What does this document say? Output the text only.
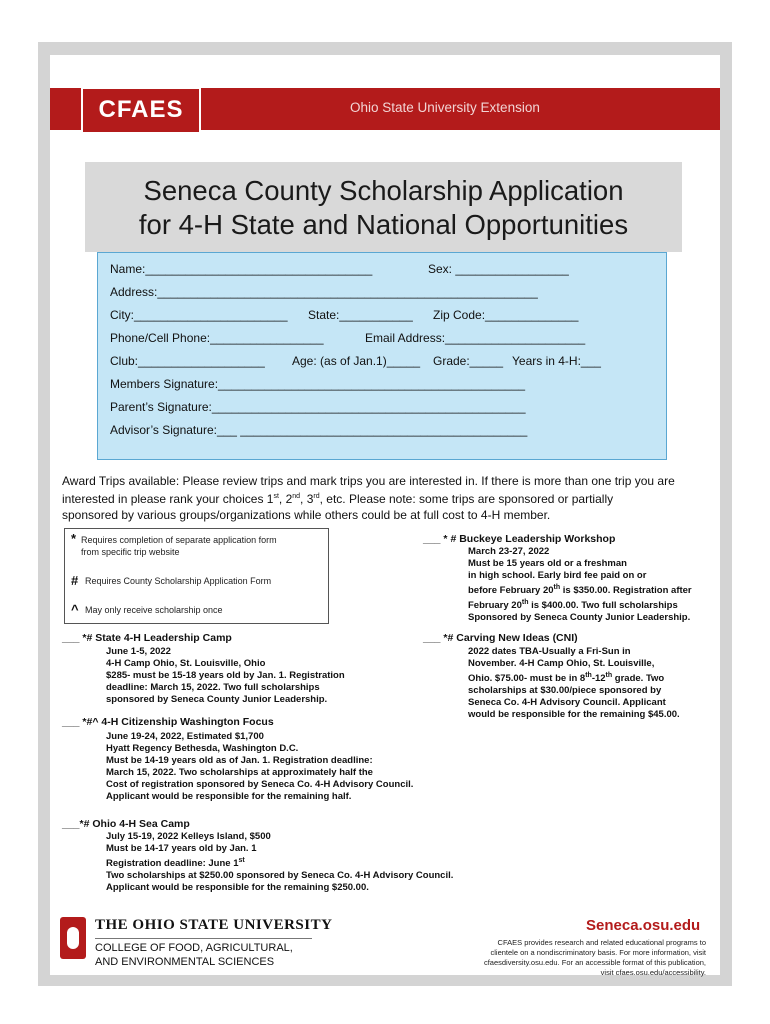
Ohio State University Extension
CFAES
Seneca County Scholarship Application
for 4-H State and National Opportunities
Name:__________________________________	Sex: _________________
Address:_________________________________________________________
City:_______________________ State:___________ Zip Code:______________
Phone/Cell Phone:_________________	Email Address:_____________________
Club:___________________ Age: (as of Jan.1)_____ Grade:_____ Years in 4-H:___
Members Signature:______________________________________________
Parent’s Signature:_______________________________________________
Advisor’s Signature:___ ___________________________________________
Award Trips available: Please review trips and mark trips you are interested in. If there is more than one trip you are
interested in please rank your choices 1st, 2nd, 3rd, etc. Please note: some trips are sponsored or partially
sponsored by various groups/organizations while others could be at full cost to 4-H member.
* Requires completion of separate application form
from specific trip website
# Requires County Scholarship Application Form
^ May only receive scholarship once
___ * # Buckeye Leadership Workshop
March 23-27, 2022
Must be 15 years old or a freshman
in high school. Early bird fee paid on or
before February 20th is $350.00. Registration after
February 20th is $400.00. Two full scholarships
Sponsored by Seneca County Junior Leadership.
___ *# State 4-H Leadership Camp
June 1-5, 2022
4-H Camp Ohio, St. Louisville, Ohio
$285- must be 15-18 years old by Jan. 1. Registration
deadline: March 15, 2022. Two full scholarships
sponsored by Seneca County Junior Leadership.
___ *# Carving New Ideas (CNI)
2022 dates TBA-Usually a Fri-Sun in
November. 4-H Camp Ohio, St. Louisville,
Ohio. $75.00- must be in 8th-12th grade. Two
scholarships at $30.00/piece sponsored by
Seneca Co. 4-H Advisory Council. Applicant
would be responsible for the remaining $45.00.
___ *#^ 4-H Citizenship Washington Focus
June 19-24, 2022, Estimated $1,700
Hyatt Regency Bethesda, Washington D.C.
Must be 14-19 years old as of Jan. 1. Registration deadline:
March 15, 2022. Two scholarships at approximately half the
Cost of registration sponsored by Seneca Co. 4-H Advisory Council.
Applicant would be responsible for the remaining half.
___*# Ohio 4-H Sea Camp
July 15-19, 2022 Kelleys Island, $500
Must be 14-17 years old by Jan. 1
Registration deadline: June 1st
Two scholarships at $250.00 sponsored by Seneca Co. 4-H Advisory Council.
Applicant would be responsible for the remaining $250.00.
THE OHIO STATE UNIVERSITY
COLLEGE OF FOOD, AGRICULTURAL,
AND ENVIRONMENTAL SCIENCES
Seneca.osu.edu
CFAES provides research and related educational programs to clientele on a nondiscriminatory basis. For more information, visit cfaesdiversity.osu.edu. For an accessible format of this publication, visit cfaes.osu.edu/accessibility.
